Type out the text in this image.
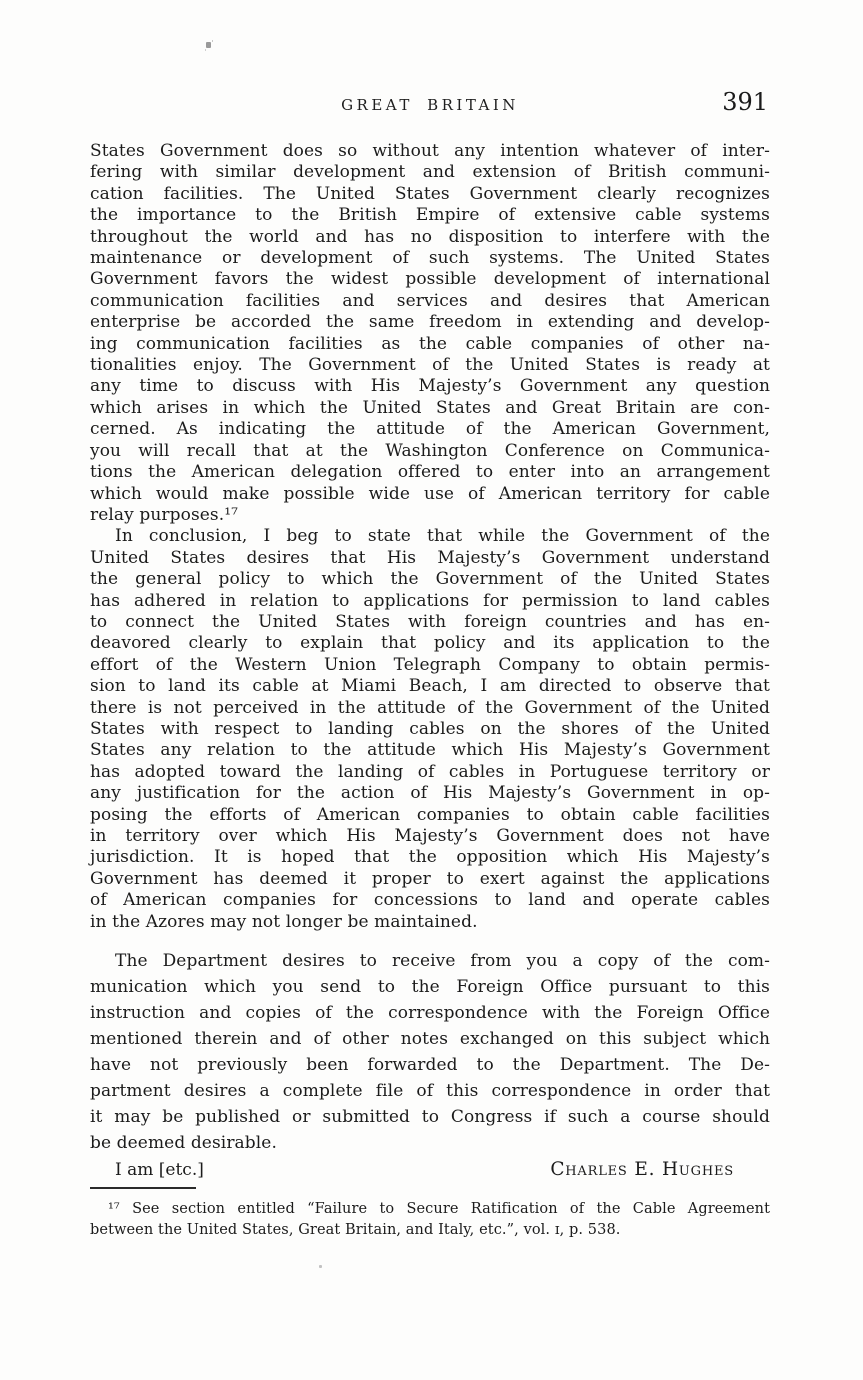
GREAT BRITAIN	391
States Government does so without any intention whatever of inter-
fering with similar development and extension of British communi-
cation facilities. The United States Government clearly recognizes
the importance to the British Empire of extensive cable systems
throughout the world and has no disposition to interfere with the
maintenance or development of such systems. The United States
Government favors the widest possible development of international
communication facilities and services and desires that American
enterprise be accorded the same freedom in extending and develop-
ing communication facilities as the cable companies of other na-
tionalities enjoy. The Government of the United States is ready at
any time to discuss with His Majesty’s Government any question
which arises in which the United States and Great Britain are con-
cerned. As indicating the attitude of the American Government,
you will recall that at the Washington Conference on Communica-
tions the American delegation offered to enter into an arrangement
which would make possible wide use of American territory for cable
relay purposes.¹⁷
In conclusion, I beg to state that while the Government of the
United States desires that His Majesty’s Government understand
the general policy to which the Government of the United States
has adhered in relation to applications for permission to land cables
to connect the United States with foreign countries and has en-
deavored clearly to explain that policy and its application to the
effort of the Western Union Telegraph Company to obtain permis-
sion to land its cable at Miami Beach, I am directed to observe that
there is not perceived in the attitude of the Government of the United
States with respect to landing cables on the shores of the United
States any relation to the attitude which His Majesty’s Government
has adopted toward the landing of cables in Portuguese territory or
any justification for the action of His Majesty’s Government in op-
posing the efforts of American companies to obtain cable facilities
in territory over which His Majesty’s Government does not have
jurisdiction. It is hoped that the opposition which His Majesty’s
Government has deemed it proper to exert against the applications
of American companies for concessions to land and operate cables
in the Azores may not longer be maintained.
The Department desires to receive from you a copy of the com-
munication which you send to the Foreign Office pursuant to this
instruction and copies of the correspondence with the Foreign Office
mentioned therein and of other notes exchanged on this subject which
have not previously been forwarded to the Department. The De-
partment desires a complete file of this correspondence in order that
it may be published or submitted to Congress if such a course should
be deemed desirable.
I am [etc.]	Charles E. Hughes
¹⁷ See section entitled “Failure to Secure Ratification of the Cable Agreement
between the United States, Great Britain, and Italy, etc.”, vol. ɪ, p. 538.
